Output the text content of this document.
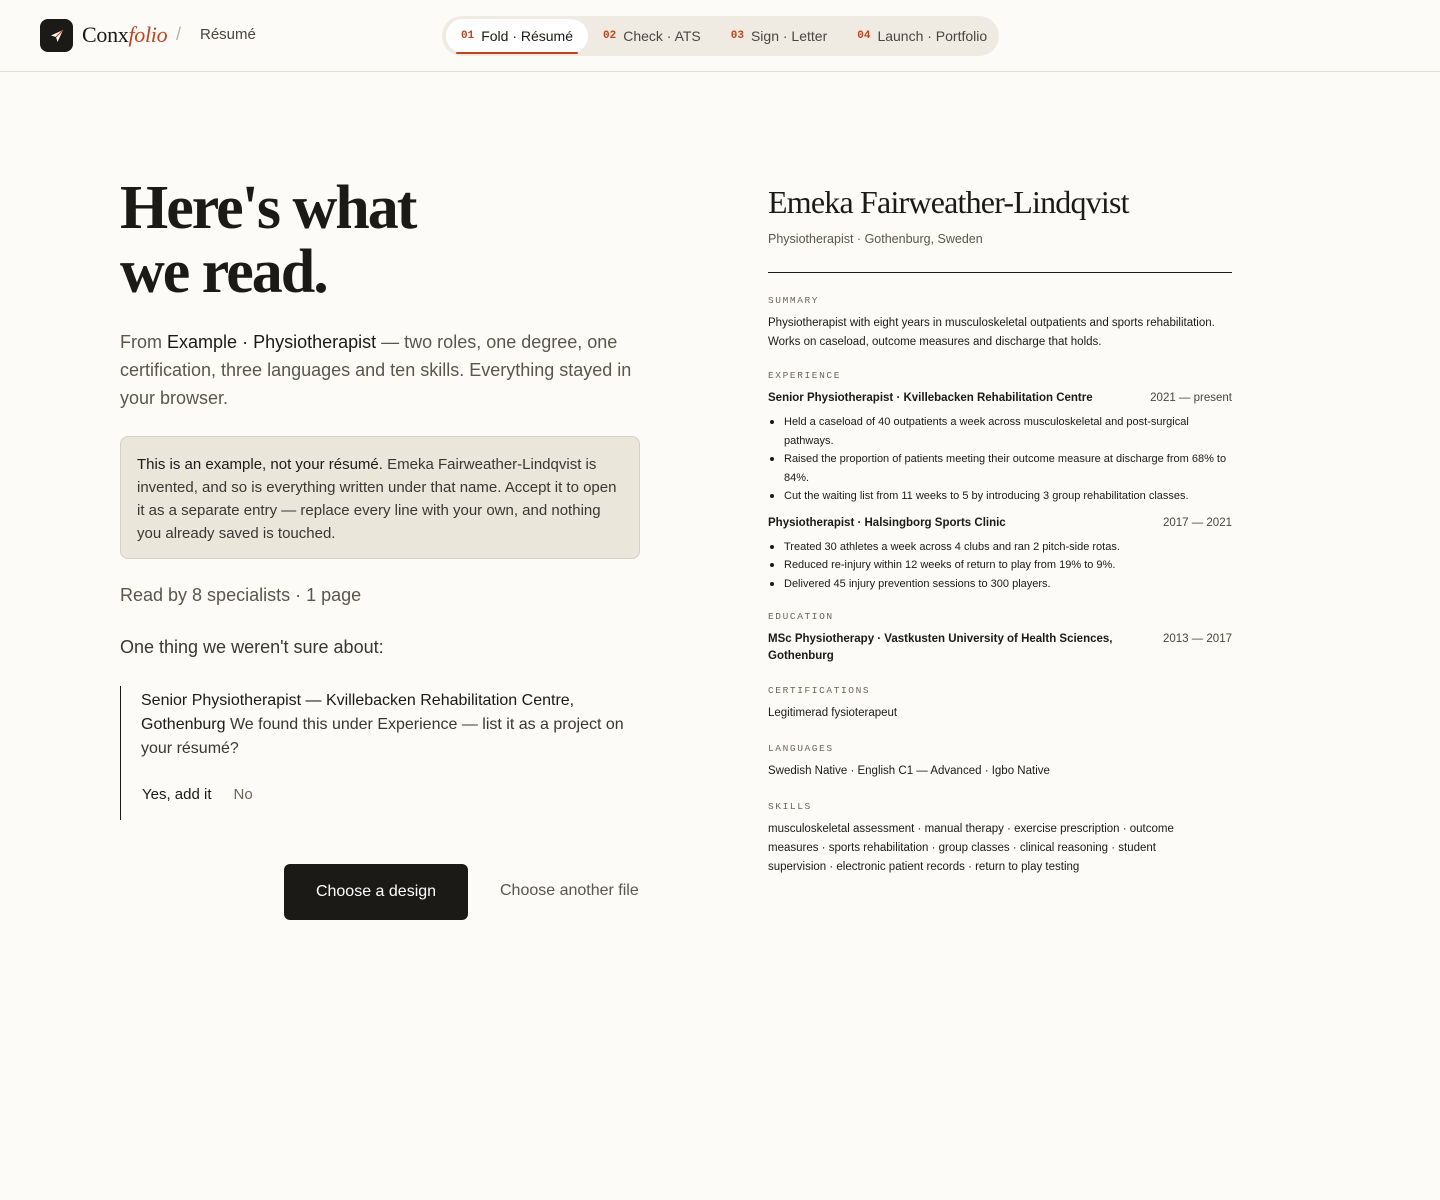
Conxfolio / Résumé	01 Fold · Résumé	02 Check · ATS	03 Sign · Letter	04 Launch · Portfolio
Here's what
we read.

From Example · Physiotherapist — two roles, one degree, one certification, three languages and ten skills. Everything stayed in your browser.

This is an example, not your résumé. Emeka Fairweather-Lindqvist is invented, and so is everything written under that name. Accept it to open it as a separate entry — replace every line with your own, and nothing you already saved is touched.
Read by 8 specialists · 1 page
One thing we weren't sure about:

Senior Physiotherapist — Kvillebacken Rehabilitation Centre, Gothenburg We found this under Experience — list it as a project on your résumé?

Yes, add it No
Choose a design	Choose another file
Emeka Fairweather-Lindqvist
Physiotherapist · Gothenburg, Sweden
SUMMARY
Physiotherapist with eight years in musculoskeletal outpatients and sports rehabilitation. Works on caseload, outcome measures and discharge that holds.
EXPERIENCE
Senior Physiotherapist · Kvillebacken Rehabilitation Centre	2021 — present
Held a caseload of 40 outpatients a week across musculoskeletal and post-surgical pathways.
Raised the proportion of patients meeting their outcome measure at discharge from 68% to 84%.
Cut the waiting list from 11 weeks to 5 by introducing 3 group rehabilitation classes.
Physiotherapist · Halsingborg Sports Clinic	2017 — 2021
Treated 30 athletes a week across 4 clubs and ran 2 pitch-side rotas.
Reduced re-injury within 12 weeks of return to play from 19% to 9%.
Delivered 45 injury prevention sessions to 300 players.
EDUCATION
MSc Physiotherapy · Vastkusten University of Health Sciences, Gothenburg
2013 — 2017
CERTIFICATIONS
Legitimerad fysioterapeut
LANGUAGES
Swedish Native · English C1 — Advanced · Igbo Native
SKILLS
musculoskeletal assessment · manual therapy · exercise prescription · outcome measures · sports rehabilitation · group classes · clinical reasoning · student supervision · electronic patient records · return to play testing
